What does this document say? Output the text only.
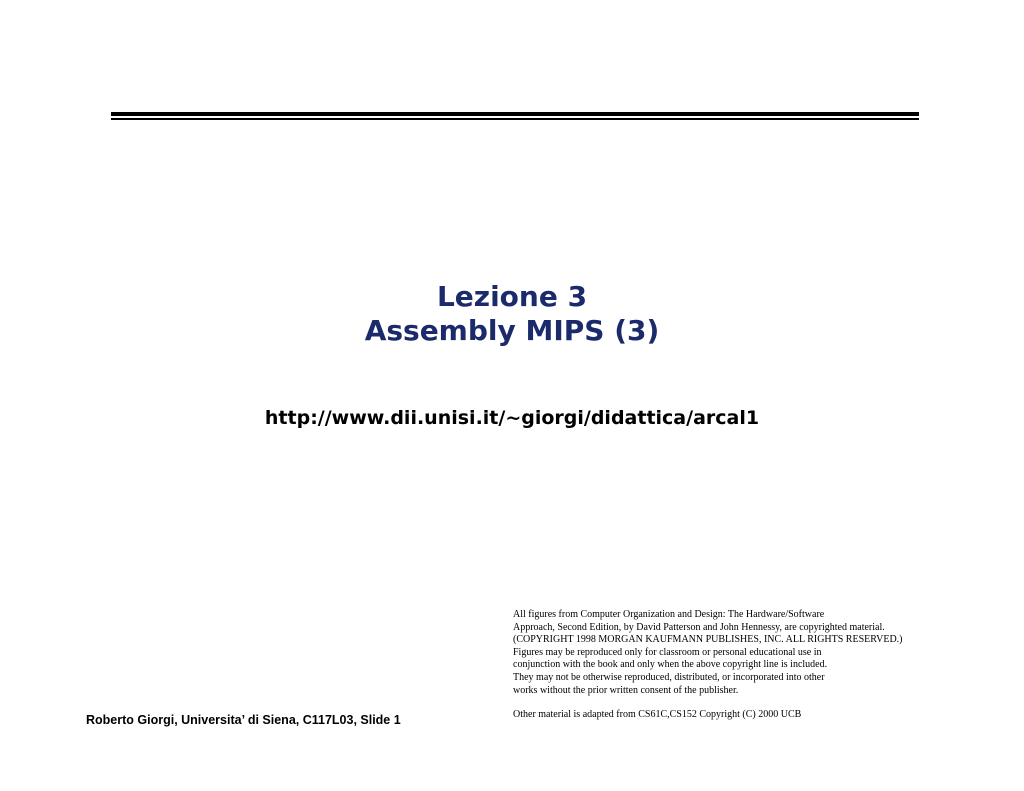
Lezione 3
Assembly MIPS (3)
http://www.dii.unisi.it/~giorgi/didattica/arcal1
All figures from Computer Organization and Design: The Hardware/Software
Approach, Second Edition, by David Patterson and John Hennessy, are copyrighted material.
(COPYRIGHT 1998 MORGAN KAUFMANN PUBLISHES, INC. ALL RIGHTS RESERVED.)
Figures may be reproduced only for classroom or personal educational use in
conjunction with the book and only when the above copyright line is included.
They may not be otherwise reproduced, distributed, or incorporated into other
works without the prior written consent of the publisher.
Other material is adapted from CS61C,CS152 Copyright (C) 2000 UCB
Roberto Giorgi, Universita’ di Siena, C117L03, Slide 1
